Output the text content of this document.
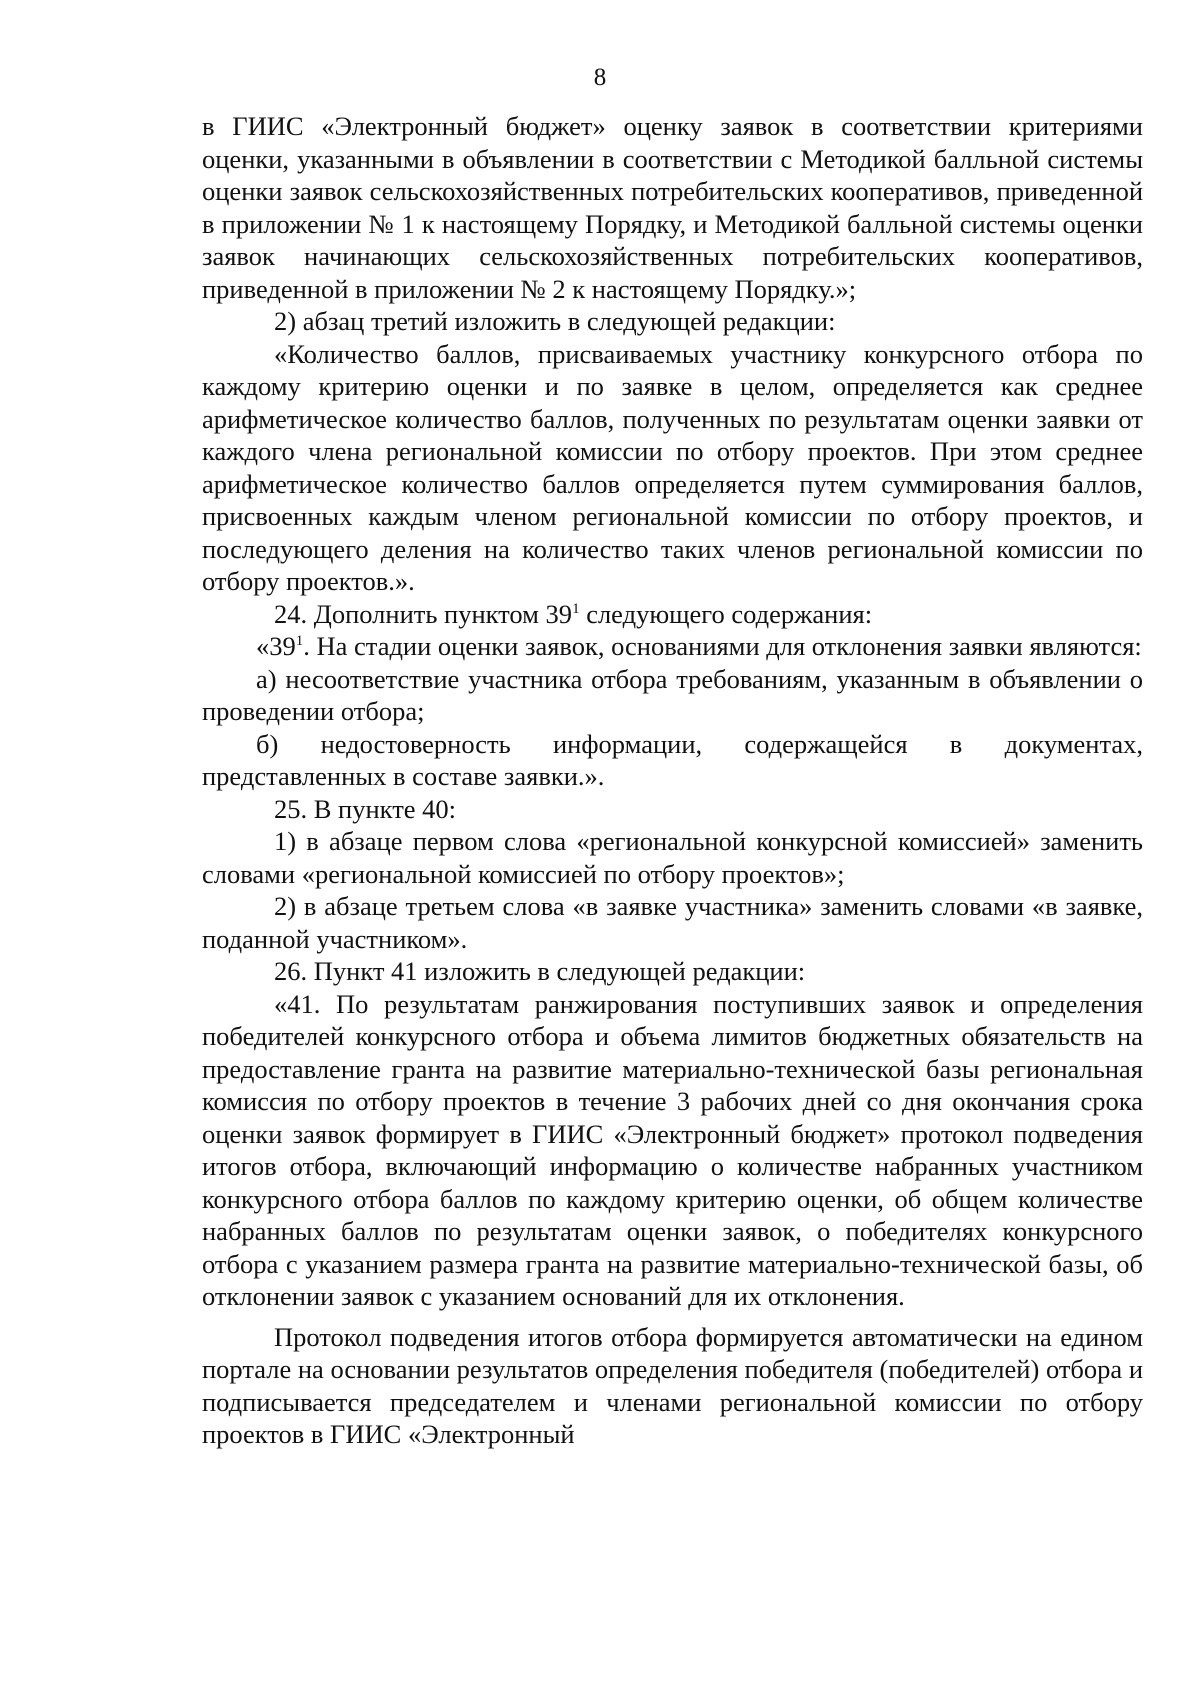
8

в ГИИС «Электронный бюджет» оценку заявок в соответствии критериями оценки, указанными в объявлении в соответствии с Методикой балльной системы оценки заявок сельскохозяйственных потребительских кооперативов, приведенной в приложении № 1 к настоящему Порядку, и Методикой балльной системы оценки заявок начинающих сельскохозяйственных потребительских кооперативов, приведенной в приложении № 2 к настоящему Порядку.»;

2) абзац третий изложить в следующей редакции:

«Количество баллов, присваиваемых участнику конкурсного отбора по каждому критерию оценки и по заявке в целом, определяется как среднее арифметическое количество баллов, полученных по результатам оценки заявки от каждого члена региональной комиссии по отбору проектов. При этом среднее арифметическое количество баллов определяется путем суммирования баллов, присвоенных каждым членом региональной комиссии по отбору проектов, и последующего деления на количество таких членов региональной комиссии по отбору проектов.».

24. Дополнить пунктом $39^1$ следующего содержания:

«$39^1$. На стадии оценки заявок, основаниями для отклонения заявки являются:

а) несоответствие участника отбора требованиям, указанным в объявлении о проведении отбора;

б) недостоверность информации, содержащейся в документах, представленных в составе заявки.».

25. В пункте 40:

1) в абзаце первом слова «региональной конкурсной комиссией» заменить словами «региональной комиссией по отбору проектов»;

2) в абзаце третьем слова «в заявке участника» заменить словами «в заявке, поданной участником».

26. Пункт 41 изложить в следующей редакции:

«41. По результатам ранжирования поступивших заявок и определения победителей конкурсного отбора и объема лимитов бюджетных обязательств на предоставление гранта на развитие материально-технической базы региональная комиссия по отбору проектов в течение 3 рабочих дней со дня окончания срока оценки заявок формирует в ГИИС «Электронный бюджет» протокол подведения итогов отбора, включающий информацию о количестве набранных участником конкурсного отбора баллов по каждому критерию оценки, об общем количестве набранных баллов по результатам оценки заявок, о победителях конкурсного отбора с указанием размера гранта на развитие материально-технической базы, об отклонении заявок с указанием оснований для их отклонения.

Протокол подведения итогов отбора формируется автоматически на едином портале на основании результатов определения победителя (победителей) отбора и подписывается председателем и членами региональной комиссии по отбору проектов в ГИИС «Электронный
